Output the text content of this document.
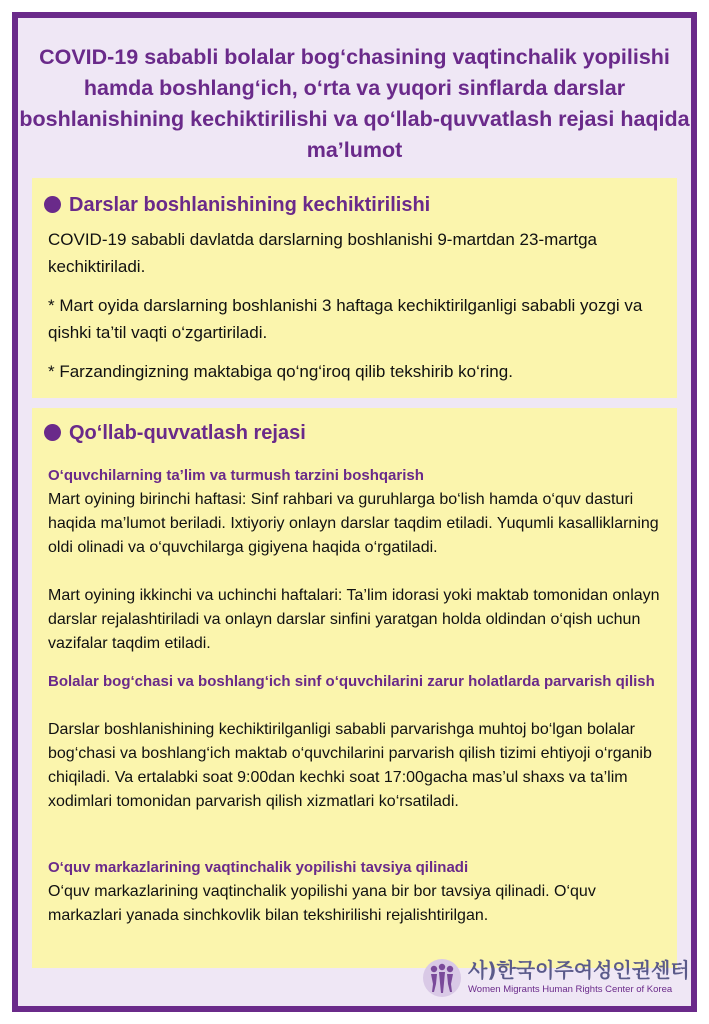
COVID-19 sababli bolalar bog‘chasining vaqtinchalik yopilishi hamda boshlang‘ich, o‘rta va yuqori sinflarda darslar boshlanishining kechiktirilishi va qo‘llab-quvvatlash rejasi haqida ma’lumot
Darslar boshlanishining kechiktirilishi
COVID-19 sababli davlatda darslarning boshlanishi 9-martdan 23-martga kechiktiriladi.
* Mart oyida darslarning boshlanishi 3 haftaga kechiktirilganligi sababli yozgi va qishki ta’til vaqti o‘zgartiriladi.
* Farzandingizning maktabiga qo‘ng‘iroq qilib tekshirib ko‘ring.
Qo‘llab-quvvatlash rejasi
O‘quvchilarning ta’lim va turmush tarzini boshqarish
Mart oyining birinchi haftasi: Sinf rahbari va guruhlarga bo‘lish hamda o‘quv dasturi haqida ma’lumot beriladi. Ixtiyoriy onlayn darslar taqdim etiladi. Yuqumli kasalliklarning oldi olinadi va o‘quvchilarga gigiyena haqida o‘rgatiladi.
Mart oyining ikkinchi va uchinchi haftalari: Ta’lim idorasi yoki maktab tomonidan onlayn darslar rejalashtiriladi va onlayn darslar sinfini yaratgan holda oldindan o‘qish uchun vazifalar taqdim etiladi.
Bolalar bog‘chasi va boshlang‘ich sinf o‘quvchilarini zarur holatlarda parvarish qilish
Darslar boshlanishining kechiktirilganligi sababli parvarishga muhtoj bo‘lgan bolalar bog‘chasi va boshlang‘ich maktab o‘quvchilarini parvarish qilish tizimi ehtiyoji o‘rganib chiqiladi. Va ertalabki soat 9:00dan kechki soat 17:00gacha mas’ul shaxs va ta’lim xodimlari tomonidan parvarish qilish xizmatlari ko‘rsatiladi.
O‘quv markazlarining vaqtinchalik yopilishi tavsiya qilinadi
O‘quv markazlarining vaqtinchalik yopilishi yana bir bor tavsiya qilinadi. O‘quv markazlari yanada sinchkovlik bilan tekshirilishi rejalishtirilgan.
사)한국이주여성인권센터
Women Migrants Human Rights Center of Korea
